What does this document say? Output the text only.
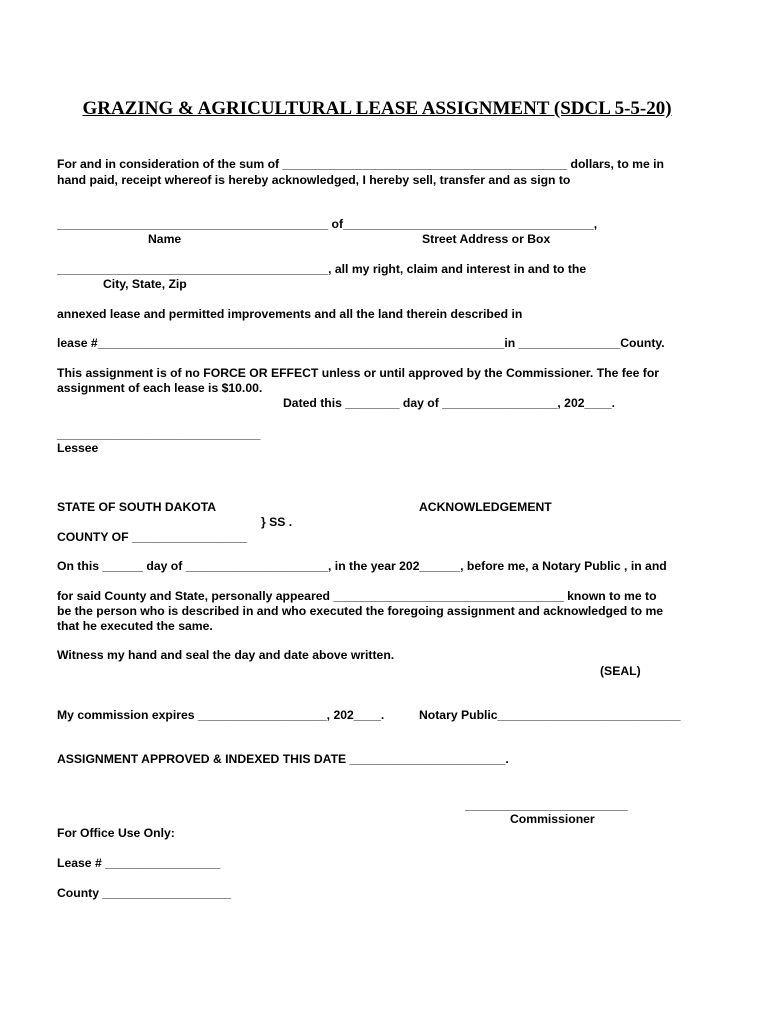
GRAZING & AGRICULTURAL LEASE ASSIGNMENT (SDCL 5-5-20)
For and in consideration of the sum of __________________________________________ dollars, to me in
hand paid, receipt whereof is hereby acknowledged, I hereby sell, transfer and as sign to
________________________________________ of_____________________________________,
Name	Street Address or Box
________________________________________, all my right, claim and interest in and to the
City, State, Zip
annexed lease and permitted improvements and all the land therein described in
lease #____________________________________________________________in _______________County.
This assignment is of no FORCE OR EFFECT unless or until approved by the Commissioner. The fee for
assignment of each lease is $10.00.
Dated this ________ day of _________________, 202____.
______________________________
Lessee
STATE OF SOUTH DAKOTA	ACKNOWLEDGEMENT
} SS .
COUNTY OF _________________
On this ______ day of _____________________, in the year 202______, before me, a Notary Public , in and
for said County and State, personally appeared __________________________________ known to me to
be the person who is described in and who executed the foregoing assignment and acknowledged to me
that he executed the same.
Witness my hand and seal the day and date above written.
(SEAL)
My commission expires ___________________, 202____.	Notary Public___________________________
ASSIGNMENT APPROVED & INDEXED THIS DATE _______________________.
________________________
Commissioner
For Office Use Only:
Lease # _________________
County ___________________
